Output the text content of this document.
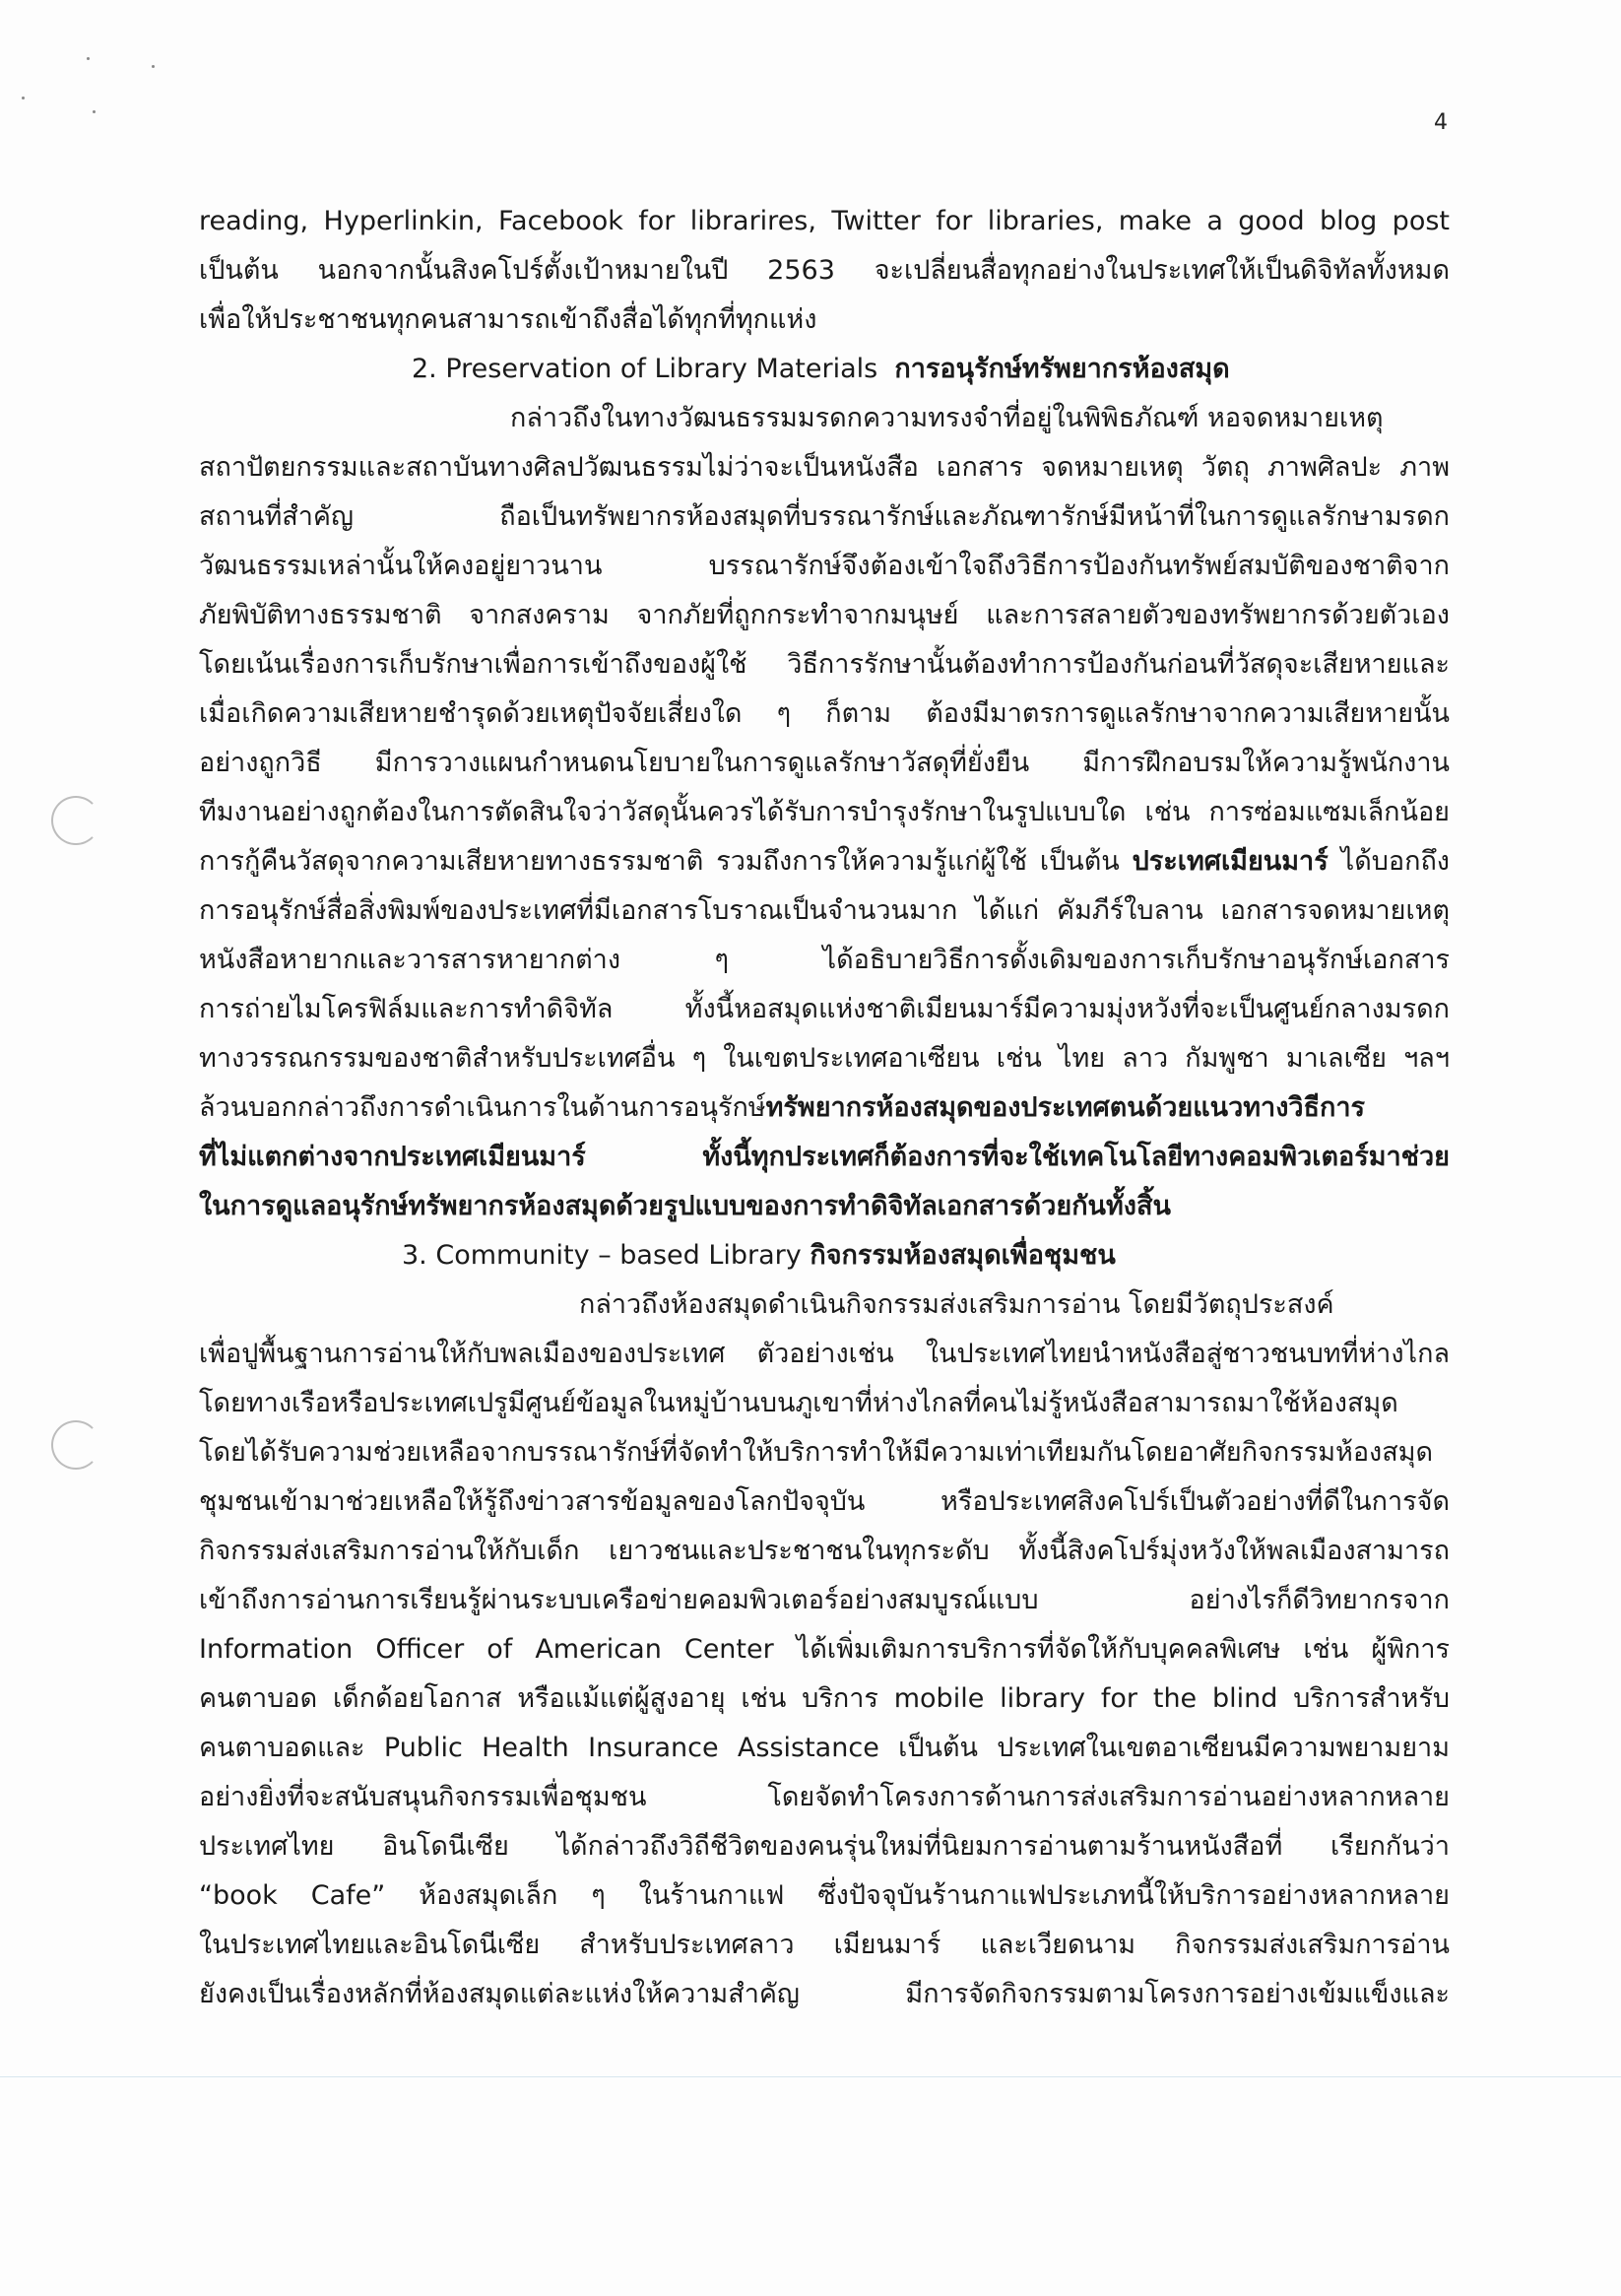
4
reading, Hyperlinkin, Facebook for librarires, Twitter for libraries, make a good blog post
เป็นต้น นอกจากนั้นสิงคโปร์ตั้งเป้าหมายในปี 2563 จะเปลี่ยนสื่อทุกอย่างในประเทศให้เป็นดิจิทัลทั้งหมด
เพื่อให้ประชาชนทุกคนสามารถเข้าถึงสื่อได้ทุกที่ทุกแห่ง
2. Preservation of Library Materials การอนุรักษ์ทรัพยากรห้องสมุด
กล่าวถึงในทางวัฒนธรรมมรดกความทรงจำที่อยู่ในพิพิธภัณฑ์ หอจดหมายเหตุ
สถาปัตยกรรมและสถาบันทางศิลปวัฒนธรรมไม่ว่าจะเป็นหนังสือ เอกสาร จดหมายเหตุ วัตถุ ภาพศิลปะ ภาพ
สถานที่สำคัญ ถือเป็นทรัพยากรห้องสมุดที่บรรณารักษ์และภัณฑารักษ์มีหน้าที่ในการดูแลรักษามรดก
วัฒนธรรมเหล่านั้นให้คงอยู่ยาวนาน บรรณารักษ์จึงต้องเข้าใจถึงวิธีการป้องกันทรัพย์สมบัติของชาติจาก
ภัยพิบัติทางธรรมชาติ จากสงคราม จากภัยที่ถูกกระทำจากมนุษย์ และการสลายตัวของทรัพยากรด้วยตัวเอง
โดยเน้นเรื่องการเก็บรักษาเพื่อการเข้าถึงของผู้ใช้ วิธีการรักษานั้นต้องทำการป้องกันก่อนที่วัสดุจะเสียหายและ
เมื่อเกิดความเสียหายชำรุดด้วยเหตุปัจจัยเสี่ยงใด ๆ ก็ตาม ต้องมีมาตรการดูแลรักษาจากความเสียหายนั้น
อย่างถูกวิธี มีการวางแผนกำหนดนโยบายในการดูแลรักษาวัสดุที่ยั่งยืน มีการฝึกอบรมให้ความรู้พนักงาน
ทีมงานอย่างถูกต้องในการตัดสินใจว่าวัสดุนั้นควรได้รับการบำรุงรักษาในรูปแบบใด เช่น การซ่อมแซมเล็กน้อย
การกู้คืนวัสดุจากความเสียหายทางธรรมชาติ รวมถึงการให้ความรู้แก่ผู้ใช้ เป็นต้น ประเทศเมียนมาร์ ได้บอกถึง
การอนุรักษ์สื่อสิ่งพิมพ์ของประเทศที่มีเอกสารโบราณเป็นจำนวนมาก ได้แก่ คัมภีร์ใบลาน เอกสารจดหมายเหตุ
หนังสือหายากและวารสารหายากต่าง ๆ ได้อธิบายวิธีการดั้งเดิมของการเก็บรักษาอนุรักษ์เอกสาร
การถ่ายไมโครฟิล์มและการทำดิจิทัล ทั้งนี้หอสมุดแห่งชาติเมียนมาร์มีความมุ่งหวังที่จะเป็นศูนย์กลางมรดก
ทางวรรณกรรมของชาติสำหรับประเทศอื่น ๆ ในเขตประเทศอาเซียน เช่น ไทย ลาว กัมพูชา มาเลเซีย ฯลฯ
ล้วนบอกกล่าวถึงการดำเนินการในด้านการอนุรักษ์ทรัพยากรห้องสมุดของประเทศตนด้วยแนวทางวิธีการ
ที่ไม่แตกต่างจากประเทศเมียนมาร์ ทั้งนี้ทุกประเทศก็ต้องการที่จะใช้เทคโนโลยีทางคอมพิวเตอร์มาช่วย
ในการดูแลอนุรักษ์ทรัพยากรห้องสมุดด้วยรูปแบบของการทำดิจิทัลเอกสารด้วยกันทั้งสิ้น
3. Community – based Library กิจกรรมห้องสมุดเพื่อชุมชน
กล่าวถึงห้องสมุดดำเนินกิจกรรมส่งเสริมการอ่าน โดยมีวัตถุประสงค์
เพื่อปูพื้นฐานการอ่านให้กับพลเมืองของประเทศ ตัวอย่างเช่น ในประเทศไทยนำหนังสือสู่ชาวชนบทที่ห่างไกล
โดยทางเรือหรือประเทศเปรูมีศูนย์ข้อมูลในหมู่บ้านบนภูเขาที่ห่างไกลที่คนไม่รู้หนังสือสามารถมาใช้ห้องสมุด
โดยได้รับความช่วยเหลือจากบรรณารักษ์ที่จัดทำให้บริการทำให้มีความเท่าเทียมกันโดยอาศัยกิจกรรมห้องสมุด
ชุมชนเข้ามาช่วยเหลือให้รู้ถึงข่าวสารข้อมูลของโลกปัจจุบัน หรือประเทศสิงคโปร์เป็นตัวอย่างที่ดีในการจัด
กิจกรรมส่งเสริมการอ่านให้กับเด็ก เยาวชนและประชาชนในทุกระดับ ทั้งนี้สิงคโปร์มุ่งหวังให้พลเมืองสามารถ
เข้าถึงการอ่านการเรียนรู้ผ่านระบบเครือข่ายคอมพิวเตอร์อย่างสมบูรณ์แบบ อย่างไรก็ดีวิทยากรจาก
Information Officer of American Center ได้เพิ่มเติมการบริการที่จัดให้กับบุคคลพิเศษ เช่น ผู้พิการ
คนตาบอด เด็กด้อยโอกาส หรือแม้แต่ผู้สูงอายุ เช่น บริการ mobile library for the blind บริการสำหรับ
คนตาบอดและ Public Health Insurance Assistance เป็นต้น ประเทศในเขตอาเซียนมีความพยามยาม
อย่างยิ่งที่จะสนับสนุนกิจกรรมเพื่อชุมชน โดยจัดทำโครงการด้านการส่งเสริมการอ่านอย่างหลากหลาย
ประเทศไทย อินโดนีเซีย ได้กล่าวถึงวิถีชีวิตของคนรุ่นใหม่ที่นิยมการอ่านตามร้านหนังสือที่ เรียกกันว่า
“book Cafe” ห้องสมุดเล็ก ๆ ในร้านกาแฟ ซึ่งปัจจุบันร้านกาแฟประเภทนี้ให้บริการอย่างหลากหลาย
ในประเทศไทยและอินโดนีเซีย สำหรับประเทศลาว เมียนมาร์ และเวียดนาม กิจกรรมส่งเสริมการอ่าน
ยังคงเป็นเรื่องหลักที่ห้องสมุดแต่ละแห่งให้ความสำคัญ มีการจัดกิจกรรมตามโครงการอย่างเข้มแข็งและ
